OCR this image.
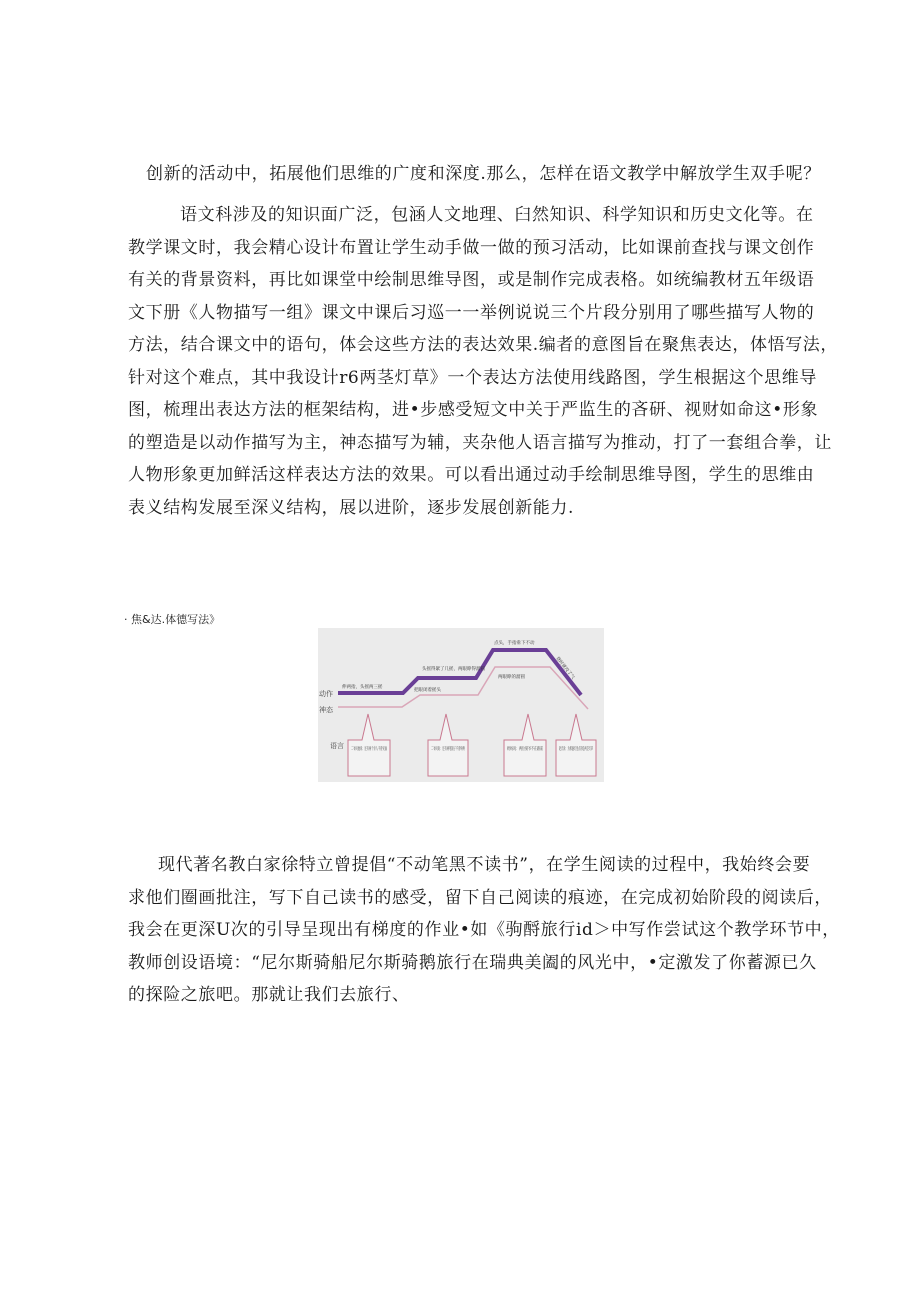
创新的活动中，拓展他们思维的广度和深度.那么，怎样在语文教学中解放学生双手呢？

语文科涉及的知识面广泛，包涵人文地理、臼然知识、科学知识和历史文化等。在
教学课文时，我会精心设计布置让学生动手做一做的预习活动，比如课前查找与课文创作
有关的背景资料，再比如课堂中绘制思维导图，或是制作完成表格。如统编教材五年级语
文下册《人物描写一组》课文中课后习巡一一举例说说三个片段分别用了哪些描写人物的
方法，结合课文中的语句，体会这些方法的表达效果.编者的意图旨在聚焦表达，体悟写法，
针对这个难点，其中我设计r6两茎灯草》一个表达方法使用线路图，学生根据这个思维导
图，梳理出表达方法的框架结构，进•步感受短文中关于严监生的吝研、视财如命这•形象
的塑造是以动作描写为主，神态描写为辅，夹杂他人语言描写为推动，打了一套组合拳，让
人物形象更加鲜活这样表达方法的效果。可以看出通过动手绘制思维导图，学生的思维由
表义结构发展至深义结构，展以进阶，逐步发展创新能力.

· 焦&达.体德写法》
动作
神态
语言
伸两指，头摇两三摇
头摇得紧了几摇，两眼睁得溜圆
点头，手指垂下不动
登时就没了气
两眼睁的溜圆
把眼闭着摇头
二爷问说：还有两笔银子不曾吩咐 奶妈说：两位舅爷不在跟前

现代著名教白家徐特立曾提倡“不动笔黑不读书”，在学生阅读的过程中，我始终会要
求他们圈画批注，写下自己读书的感受，留下自己阅读的痕迹，在完成初始阶段的阅读后，
我会在更深U次的引导呈现出有梯度的作业•如《驹酹旅行id＞中写作尝试这个教学环节中，
教师创设语境：“尼尔斯骑船尼尔斯骑鹅旅行在瑞典美阖的风光中，•定激发了你蓄源已久
的探险之旅吧。那就让我们去旅行、
